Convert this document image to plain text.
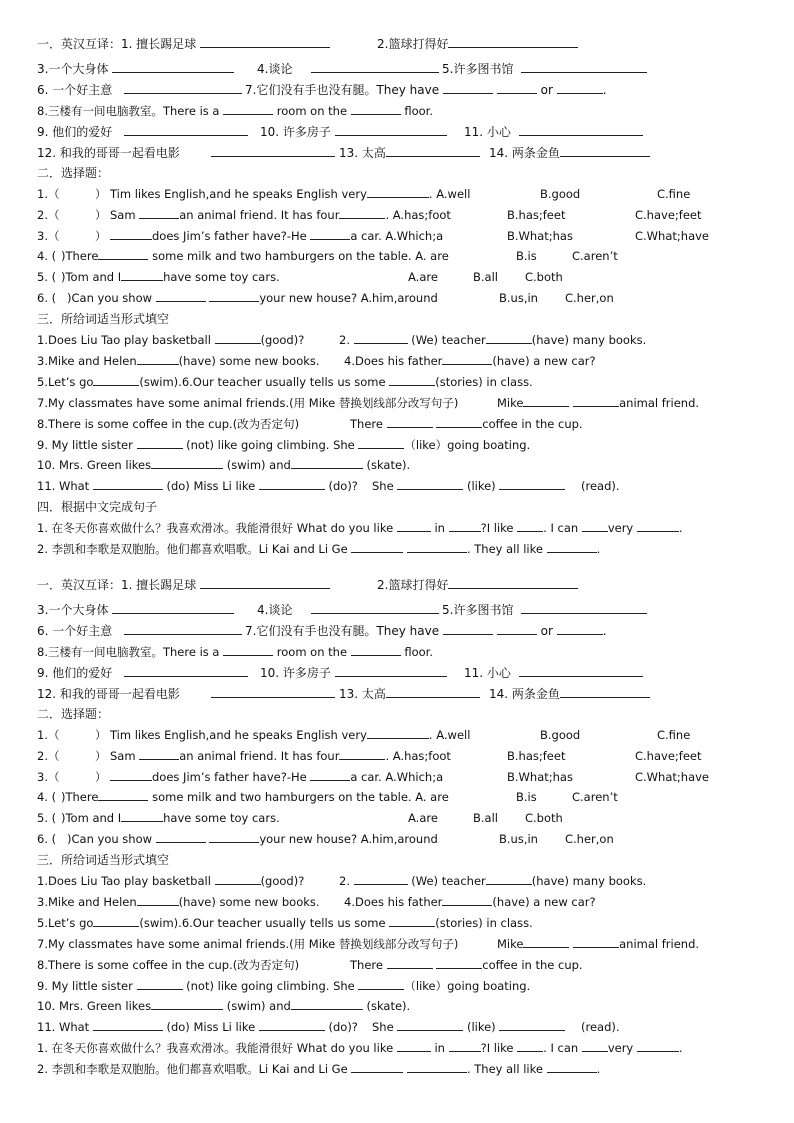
一．英汉互译：1. 擅长踢足球	2.篮球打得好
3.一个大身体	4.谈论	5.许多图书馆
6. 一个好主意	7.它们没有手也没有腿。They have	or	.
8.三楼有一间电脑教室。There is a	room on the	floor.
9. 他们的爱好	10. 许多房子	11. 小心
12. 和我的哥哥一起看电影	13. 太高	14. 两条金鱼
二．选择题：
1.（	） Tim likes English,and he speaks English very	. A.well	B.good	C.fine
2.（	） Sam	an animal friend. It has four	. A.has;foot	B.has;feet	C.have;feet
3.（	）	does Jim’s father have?-He	a car. A.Which;a	B.What;has	C.What;have
4. ( )There	some milk and two hamburgers on the table. A. are	B.is	C.aren’t
5. ( )Tom and I	have some toy cars.	A.are	B.all C.both
6. ( )Can you show	your new house? A.him,around	B.us,in C.her,on
三．所给词适当形式填空
1.Does Liu Tao play basketball	(good)?	2.	(We) teacher	(have) many books.
3.Mike and Helen	(have) some new books. 4.Does his father	(have) a new car?
5.Let’s go	(swim).6.Our teacher usually tells us some	(stories) in class.
7.My classmates have some animal friends.(用 Mike 替换划线部分改写句子)	Mike	animal friend.
8.There is some coffee in the cup.(改为否定句)	There	coffee in the cup.
9. My little sister	(not) like going climbing. She	（like）going boating.
10. Mrs. Green likes	(swim) and	(skate).
11. What	(do) Miss Li like	(do)? She	(like)	(read).
四．根据中文完成句子
1. 在冬天你喜欢做什么？我喜欢滑冰。我能滑很好 What do you like	in	?I like	. I can	very	.
2. 李凯和李歌是双胞胎。他们都喜欢唱歌。Li Kai and Li Ge	. They all like	.
一．英汉互译：1. 擅长踢足球	2.篮球打得好
3.一个大身体	4.谈论	5.许多图书馆
6. 一个好主意	7.它们没有手也没有腿。They have	or	.
8.三楼有一间电脑教室。There is a	room on the	floor.
9. 他们的爱好	10. 许多房子	11. 小心
12. 和我的哥哥一起看电影	13. 太高	14. 两条金鱼
二．选择题：
1.（	） Tim likes English,and he speaks English very	. A.well	B.good	C.fine
2.（	） Sam	an animal friend. It has four	. A.has;foot	B.has;feet	C.have;feet
3.（	）	does Jim’s father have?-He	a car. A.Which;a	B.What;has	C.What;have
4. ( )There	some milk and two hamburgers on the table. A. are	B.is	C.aren’t
5. ( )Tom and I	have some toy cars.	A.are	B.all C.both
6. ( )Can you show	your new house? A.him,around	B.us,in C.her,on
三．所给词适当形式填空
1.Does Liu Tao play basketball	(good)?	2.	(We) teacher	(have) many books.
3.Mike and Helen	(have) some new books. 4.Does his father	(have) a new car?
5.Let’s go	(swim).6.Our teacher usually tells us some	(stories) in class.
7.My classmates have some animal friends.(用 Mike 替换划线部分改写句子)	Mike	animal friend.
8.There is some coffee in the cup.(改为否定句)	There	coffee in the cup.
9. My little sister	(not) like going climbing. She	（like）going boating.
10. Mrs. Green likes	(swim) and	(skate).
11. What	(do) Miss Li like	(do)? She	(like)	(read).
1. 在冬天你喜欢做什么？我喜欢滑冰。我能滑很好 What do you like	in	?I like	. I can	very	.
2. 李凯和李歌是双胞胎。他们都喜欢唱歌。Li Kai and Li Ge	. They all like	.
